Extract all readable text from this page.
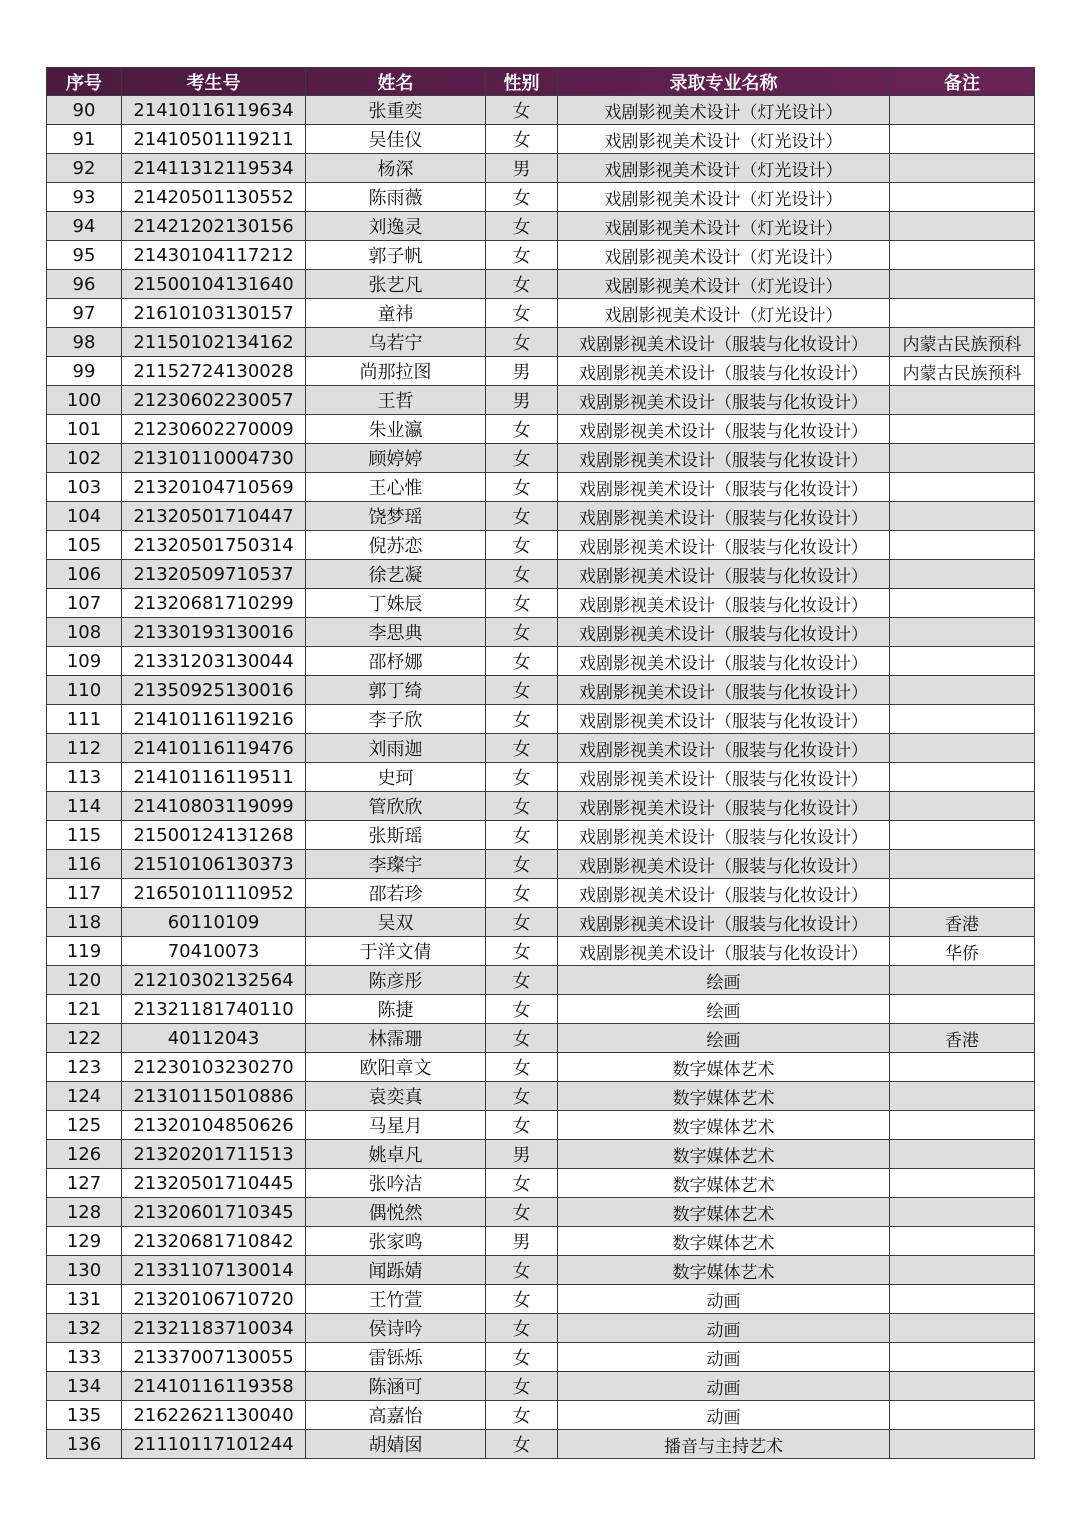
序号	考生号	姓名	性别	录取专业名称	备注
90	21410116119634	张重奕	女	戏剧影视美术设计（灯光设计）	
91	21410501119211	吴佳仪	女	戏剧影视美术设计（灯光设计）	
92	21411312119534	杨深	男	戏剧影视美术设计（灯光设计）	
93	21420501130552	陈雨薇	女	戏剧影视美术设计（灯光设计）	
94	21421202130156	刘逸灵	女	戏剧影视美术设计（灯光设计）	
95	21430104117212	郭子帆	女	戏剧影视美术设计（灯光设计）	
96	21500104131640	张艺凡	女	戏剧影视美术设计（灯光设计）	
97	21610103130157	童祎	女	戏剧影视美术设计（灯光设计）	
98	21150102134162	乌若宁	女	戏剧影视美术设计（服装与化妆设计）	内蒙古民族预科
99	21152724130028	尚那拉图	男	戏剧影视美术设计（服装与化妆设计）	内蒙古民族预科
100	21230602230057	王哲	男	戏剧影视美术设计（服装与化妆设计）	
101	21230602270009	朱业瀛	女	戏剧影视美术设计（服装与化妆设计）	
102	21310110004730	顾婷婷	女	戏剧影视美术设计（服装与化妆设计）	
103	21320104710569	王心惟	女	戏剧影视美术设计（服装与化妆设计）	
104	21320501710447	饶梦瑶	女	戏剧影视美术设计（服装与化妆设计）	
105	21320501750314	倪苏恋	女	戏剧影视美术设计（服装与化妆设计）	
106	21320509710537	徐艺凝	女	戏剧影视美术设计（服装与化妆设计）	
107	21320681710299	丁姝辰	女	戏剧影视美术设计（服装与化妆设计）	
108	21330193130016	李思典	女	戏剧影视美术设计（服装与化妆设计）	
109	21331203130044	邵杼娜	女	戏剧影视美术设计（服装与化妆设计）	
110	21350925130016	郭丁绮	女	戏剧影视美术设计（服装与化妆设计）	
111	21410116119216	李子欣	女	戏剧影视美术设计（服装与化妆设计）	
112	21410116119476	刘雨迦	女	戏剧影视美术设计（服装与化妆设计）	
113	21410116119511	史珂	女	戏剧影视美术设计（服装与化妆设计）	
114	21410803119099	管欣欣	女	戏剧影视美术设计（服装与化妆设计）	
115	21500124131268	张斯瑶	女	戏剧影视美术设计（服装与化妆设计）	
116	21510106130373	李璨宇	女	戏剧影视美术设计（服装与化妆设计）	
117	21650101110952	邵若珍	女	戏剧影视美术设计（服装与化妆设计）	
118	60110109	吴双	女	戏剧影视美术设计（服装与化妆设计）	香港
119	70410073	于洋文倩	女	戏剧影视美术设计（服装与化妆设计）	华侨
120	21210302132564	陈彦彤	女	绘画	
121	21321181740110	陈捷	女	绘画	
122	40112043	林霈珊	女	绘画	香港
123	21230103230270	欧阳章文	女	数字媒体艺术	
124	21310115010886	袁奕真	女	数字媒体艺术	
125	21320104850626	马星月	女	数字媒体艺术	
126	21320201711513	姚卓凡	男	数字媒体艺术	
127	21320501710445	张吟洁	女	数字媒体艺术	
128	21320601710345	偶悦然	女	数字媒体艺术	
129	21320681710842	张家鸣	男	数字媒体艺术	
130	21331107130014	闻跞婧	女	数字媒体艺术	
131	21320106710720	王竹萱	女	动画	
132	21321183710034	侯诗吟	女	动画	
133	21337007130055	雷铄烁	女	动画	
134	21410116119358	陈涵可	女	动画	
135	21622621130040	高嘉怡	女	动画	
136	21110117101244	胡婧囡	女	播音与主持艺术	
